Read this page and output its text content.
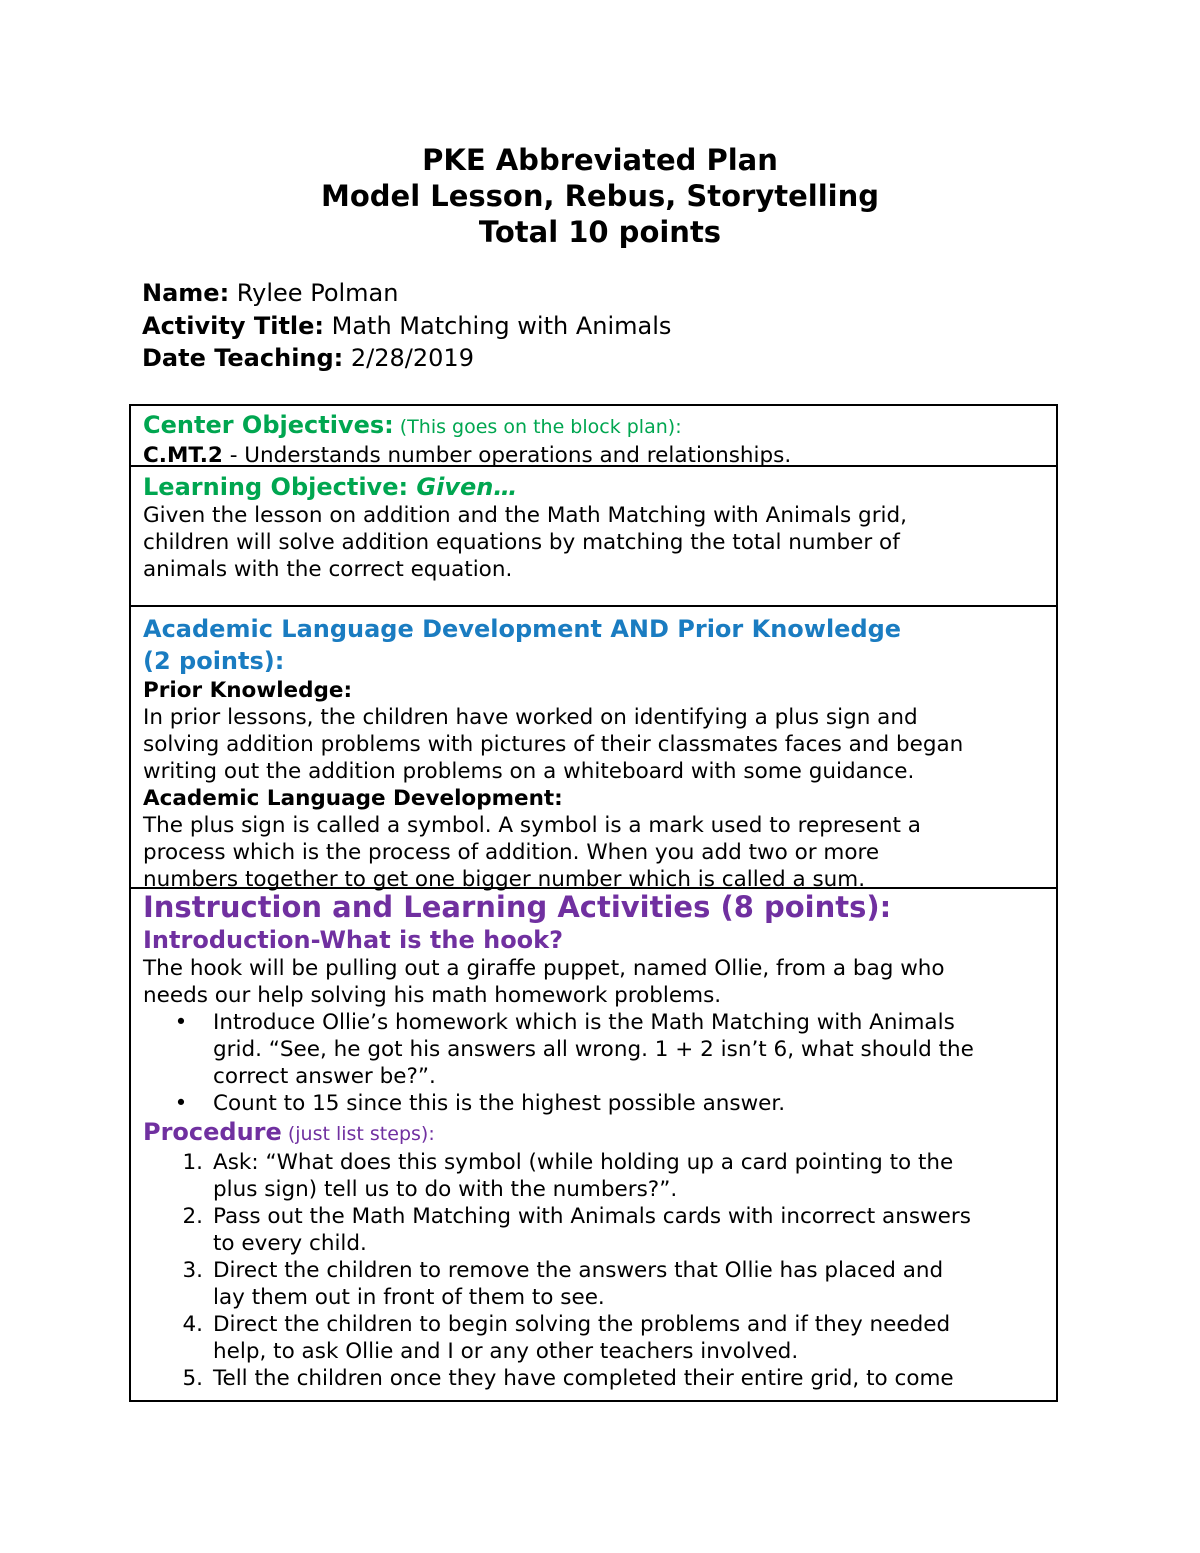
PKE Abbreviated Plan
Model Lesson, Rebus, Storytelling
Total 10 points
Name: Rylee Polman
Activity Title: Math Matching with Animals
Date Teaching: 2/28/2019
Center Objectives: (This goes on the block plan):
C.MT.2 - Understands number operations and relationships.
Learning Objective: Given…
Given the lesson on addition and the Math Matching with Animals grid,
children will solve addition equations by matching the total number of
animals with the correct equation.
Academic Language Development AND Prior Knowledge
(2 points):
Prior Knowledge:
In prior lessons, the children have worked on identifying a plus sign and
solving addition problems with pictures of their classmates faces and began
writing out the addition problems on a whiteboard with some guidance.
Academic Language Development:
The plus sign is called a symbol. A symbol is a mark used to represent a
process which is the process of addition. When you add two or more
numbers together to get one bigger number which is called a sum.
Instruction and Learning Activities (8 points):
Introduction-What is the hook?
The hook will be pulling out a giraffe puppet, named Ollie, from a bag who
needs our help solving his math homework problems.
• Introduce Ollie’s homework which is the Math Matching with Animals
grid. “See, he got his answers all wrong. 1 + 2 isn’t 6, what should the
correct answer be?”.
• Count to 15 since this is the highest possible answer.
Procedure (just list steps):
1. Ask: “What does this symbol (while holding up a card pointing to the
plus sign) tell us to do with the numbers?”.
2. Pass out the Math Matching with Animals cards with incorrect answers
to every child.
3. Direct the children to remove the answers that Ollie has placed and
lay them out in front of them to see.
4. Direct the children to begin solving the problems and if they needed
help, to ask Ollie and I or any other teachers involved.
5. Tell the children once they have completed their entire grid, to come
